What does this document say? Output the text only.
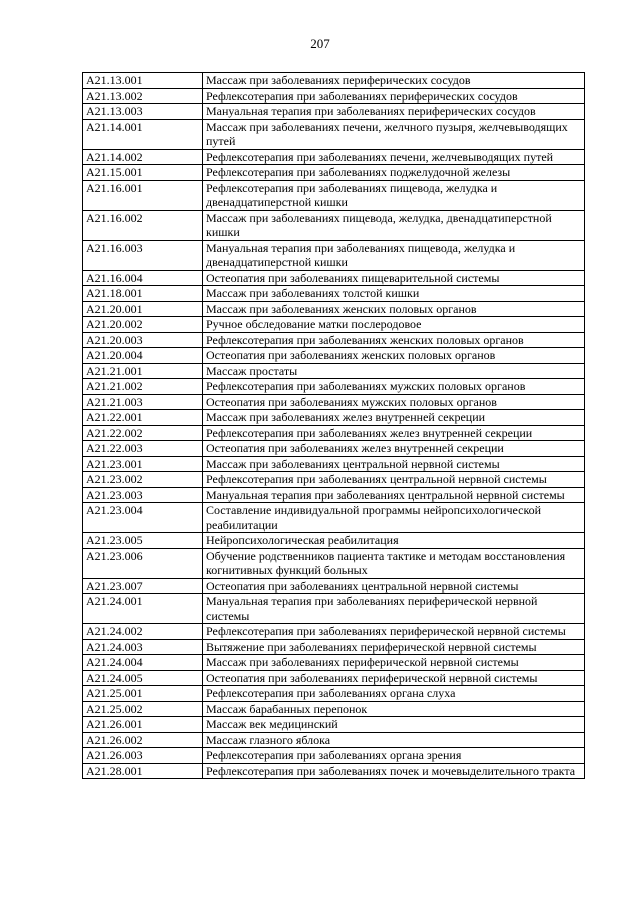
207
A21.13.001	Массаж при заболеваниях периферических сосудов
A21.13.002	Рефлексотерапия при заболеваниях периферических сосудов
A21.13.003	Мануальная терапия при заболеваниях периферических сосудов
A21.14.001	Массаж при заболеваниях печени, желчного пузыря, желчевыводящих путей
A21.14.002	Рефлексотерапия при заболеваниях печени, желчевыводящих путей
A21.15.001	Рефлексотерапия при заболеваниях поджелудочной железы
A21.16.001	Рефлексотерапия при заболеваниях пищевода, желудка и двенадцатиперстной кишки
A21.16.002	Массаж при заболеваниях пищевода, желудка, двенадцатиперстной кишки
A21.16.003	Мануальная терапия при заболеваниях пищевода, желудка и двенадцатиперстной кишки
A21.16.004	Остеопатия при заболеваниях пищеварительной системы
A21.18.001	Массаж при заболеваниях толстой кишки
A21.20.001	Массаж при заболеваниях женских половых органов
A21.20.002	Ручное обследование матки послеродовое
A21.20.003	Рефлексотерапия при заболеваниях женских половых органов
A21.20.004	Остеопатия при заболеваниях женских половых органов
A21.21.001	Массаж простаты
A21.21.002	Рефлексотерапия при заболеваниях мужских половых органов
A21.21.003	Остеопатия при заболеваниях мужских половых органов
A21.22.001	Массаж при заболеваниях желез внутренней секреции
A21.22.002	Рефлексотерапия при заболеваниях желез внутренней секреции
A21.22.003	Остеопатия при заболеваниях желез внутренней секреции
A21.23.001	Массаж при заболеваниях центральной нервной системы
A21.23.002	Рефлексотерапия при заболеваниях центральной нервной системы
A21.23.003	Мануальная терапия при заболеваниях центральной нервной системы
A21.23.004	Составление индивидуальной программы нейропсихологической реабилитации
A21.23.005	Нейропсихологическая реабилитация
A21.23.006	Обучение родственников пациента тактике и методам восстановления когнитивных функций больных
A21.23.007	Остеопатия при заболеваниях центральной нервной системы
A21.24.001	Мануальная терапия при заболеваниях периферической нервной системы
A21.24.002	Рефлексотерапия при заболеваниях периферической нервной системы
A21.24.003	Вытяжение при заболеваниях периферической нервной системы
A21.24.004	Массаж при заболеваниях периферической нервной системы
A21.24.005	Остеопатия при заболеваниях периферической нервной системы
A21.25.001	Рефлексотерапия при заболеваниях органа слуха
A21.25.002	Массаж барабанных перепонок
A21.26.001	Массаж век медицинский
A21.26.002	Массаж глазного яблока
A21.26.003	Рефлексотерапия при заболеваниях органа зрения
A21.28.001	Рефлексотерапия при заболеваниях почек и мочевыделительного тракта
